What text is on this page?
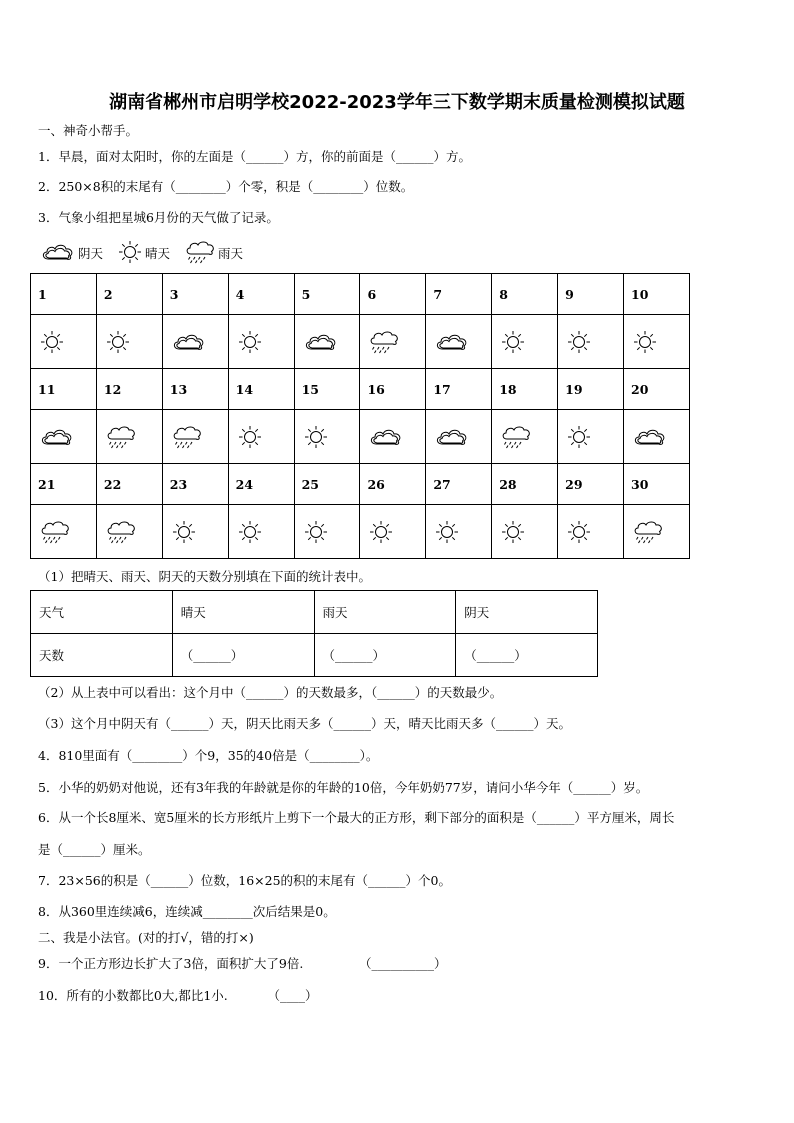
湖南省郴州市启明学校2022-2023学年三下数学期末质量检测模拟试题
一、神奇小帮手。
1．早晨，面对太阳时，你的左面是（______）方，你的前面是（______）方。
2．250×8积的末尾有（________）个零，积是（________）位数。
3．气象小组把星城6月份的天气做了记录。
阴天	晴天	雨天
1	2	3	4	5	6	7	8	9	10

11	12	13	14	15	16	17	18	19	20

21	22	23	24	25	26	27	28	29	30

（1）把晴天、雨天、阴天的天数分别填在下面的统计表中。
天气	晴天	雨天	阴天
天数	（______）	（______）	（______）
（2）从上表中可以看出：这个月中（______）的天数最多，（______）的天数最少。
（3）这个月中阴天有（______）天，阴天比雨天多（______）天，晴天比雨天多（______）天。
4．810里面有（________）个9，35的40倍是（________）。
5．小华的奶奶对他说，还有3年我的年龄就是你的年龄的10倍，今年奶奶77岁，请问小华今年（______）岁。
6．从一个长8厘米、宽5厘米的长方形纸片上剪下一个最大的正方形，剩下部分的面积是（______）平方厘米，周长
是（______）厘米。
7．23×56的积是（______）位数，16×25的积的末尾有（______）个0。
8．从360里连续减6，连续减________次后结果是0。
二、我是小法官。(对的打√，错的打×)
9．一个正方形边长扩大了3倍，面积扩大了9倍.              （__________）
10．所有的小数都比0大,都比1小.          （____）
